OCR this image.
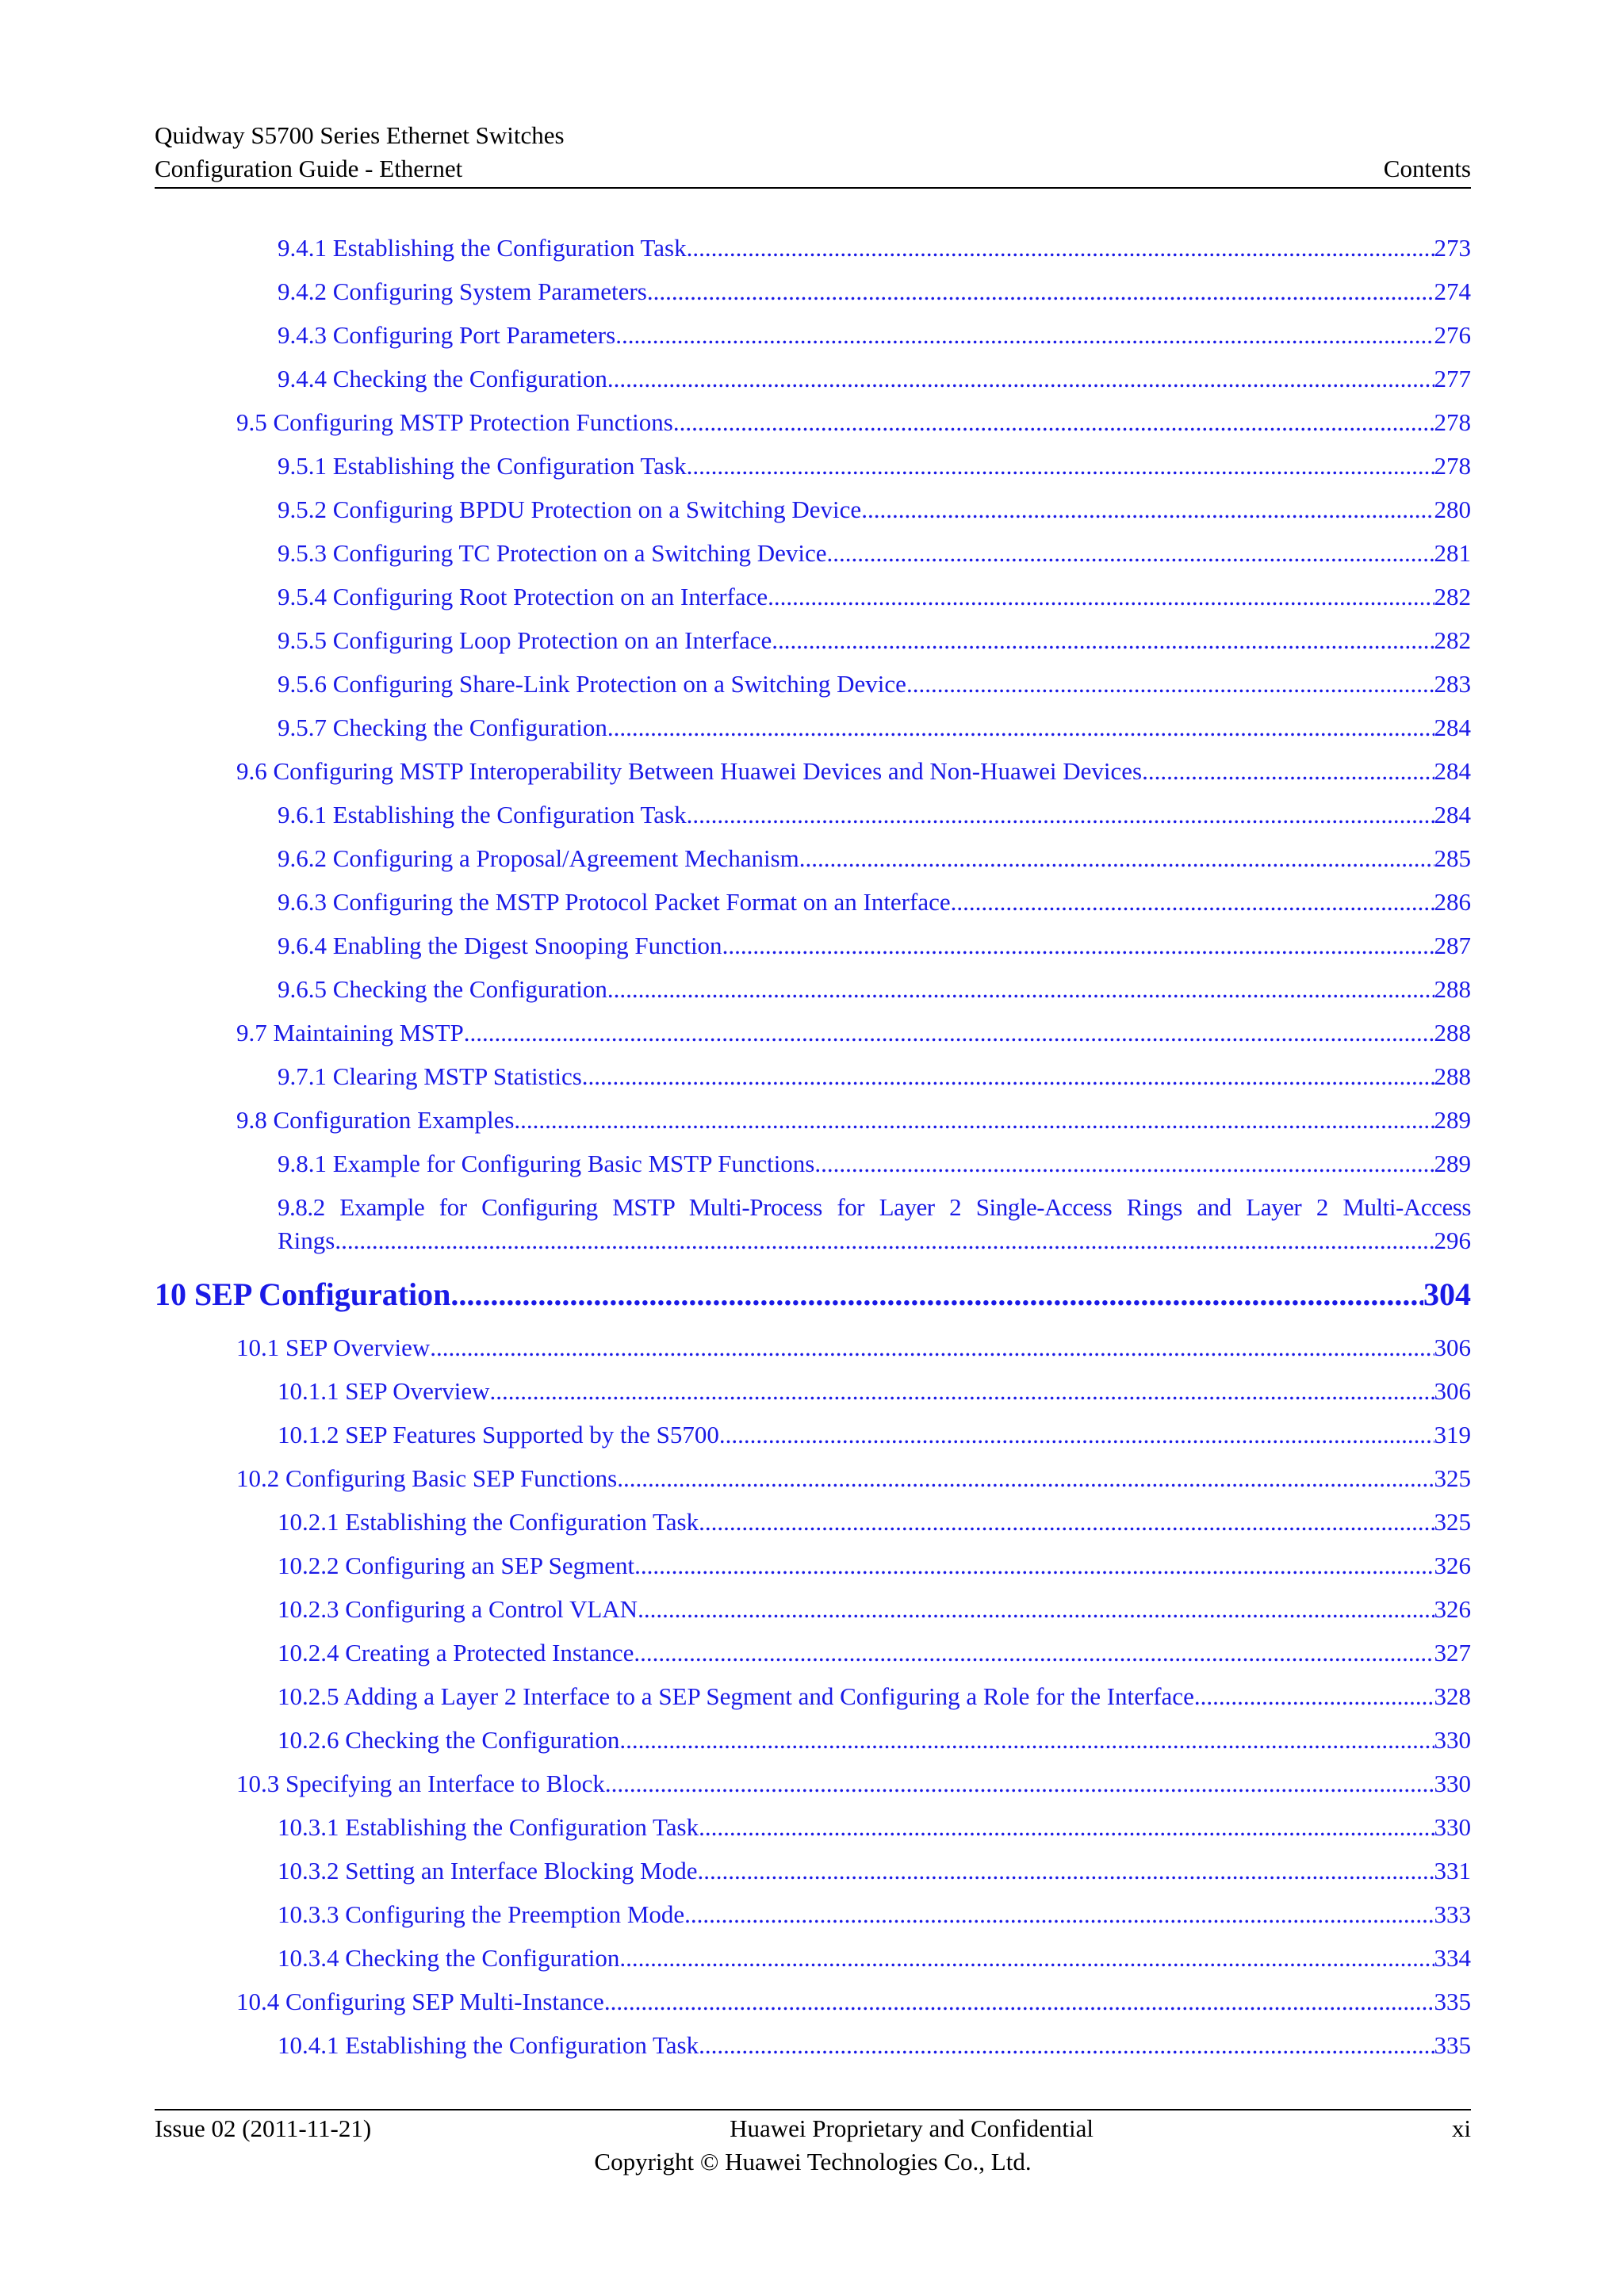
Quidway S5700 Series Ethernet Switches
Configuration Guide - Ethernet	Contents
9.4.1 Establishing the Configuration Task .....	273
9.4.2 Configuring System Parameters .....	274
9.4.3 Configuring Port Parameters .....	276
9.4.4 Checking the Configuration .....	277
9.5 Configuring MSTP Protection Functions .....	278
9.5.1 Establishing the Configuration Task .....	278
9.5.2 Configuring BPDU Protection on a Switching Device .....	280
9.5.3 Configuring TC Protection on a Switching Device .....	281
9.5.4 Configuring Root Protection on an Interface .....	282
9.5.5 Configuring Loop Protection on an Interface .....	282
9.5.6 Configuring Share-Link Protection on a Switching Device .....	283
9.5.7 Checking the Configuration .....	284
9.6 Configuring MSTP Interoperability Between Huawei Devices and Non-Huawei Devices .....	284
9.6.1 Establishing the Configuration Task .....	284
9.6.2 Configuring a Proposal/Agreement Mechanism .....	285
9.6.3 Configuring the MSTP Protocol Packet Format on an Interface .....	286
9.6.4 Enabling the Digest Snooping Function .....	287
9.6.5 Checking the Configuration .....	288
9.7 Maintaining MSTP .....	288
9.7.1 Clearing MSTP Statistics .....	288
9.8 Configuration Examples .....	289
9.8.1 Example for Configuring Basic MSTP Functions .....	289
9.8.2 Example for Configuring MSTP Multi-Process for Layer 2 Single-Access Rings and Layer 2 Multi-Access
Rings .....	296
10 SEP Configuration .....	304
10.1 SEP Overview .....	306
10.1.1 SEP Overview .....	306
10.1.2 SEP Features Supported by the S5700 .....	319
10.2 Configuring Basic SEP Functions .....	325
10.2.1 Establishing the Configuration Task .....	325
10.2.2 Configuring an SEP Segment .....	326
10.2.3 Configuring a Control VLAN .....	326
10.2.4 Creating a Protected Instance .....	327
10.2.5 Adding a Layer 2 Interface to a SEP Segment and Configuring a Role for the Interface .....	328
10.2.6 Checking the Configuration .....	330
10.3 Specifying an Interface to Block .....	330
10.3.1 Establishing the Configuration Task .....	330
10.3.2 Setting an Interface Blocking Mode .....	331
10.3.3 Configuring the Preemption Mode .....	333
10.3.4 Checking the Configuration .....	334
10.4 Configuring SEP Multi-Instance .....	335
10.4.1 Establishing the Configuration Task .....	335
Issue 02 (2011-11-21)	Huawei Proprietary and Confidential	xi
Copyright © Huawei Technologies Co., Ltd.
